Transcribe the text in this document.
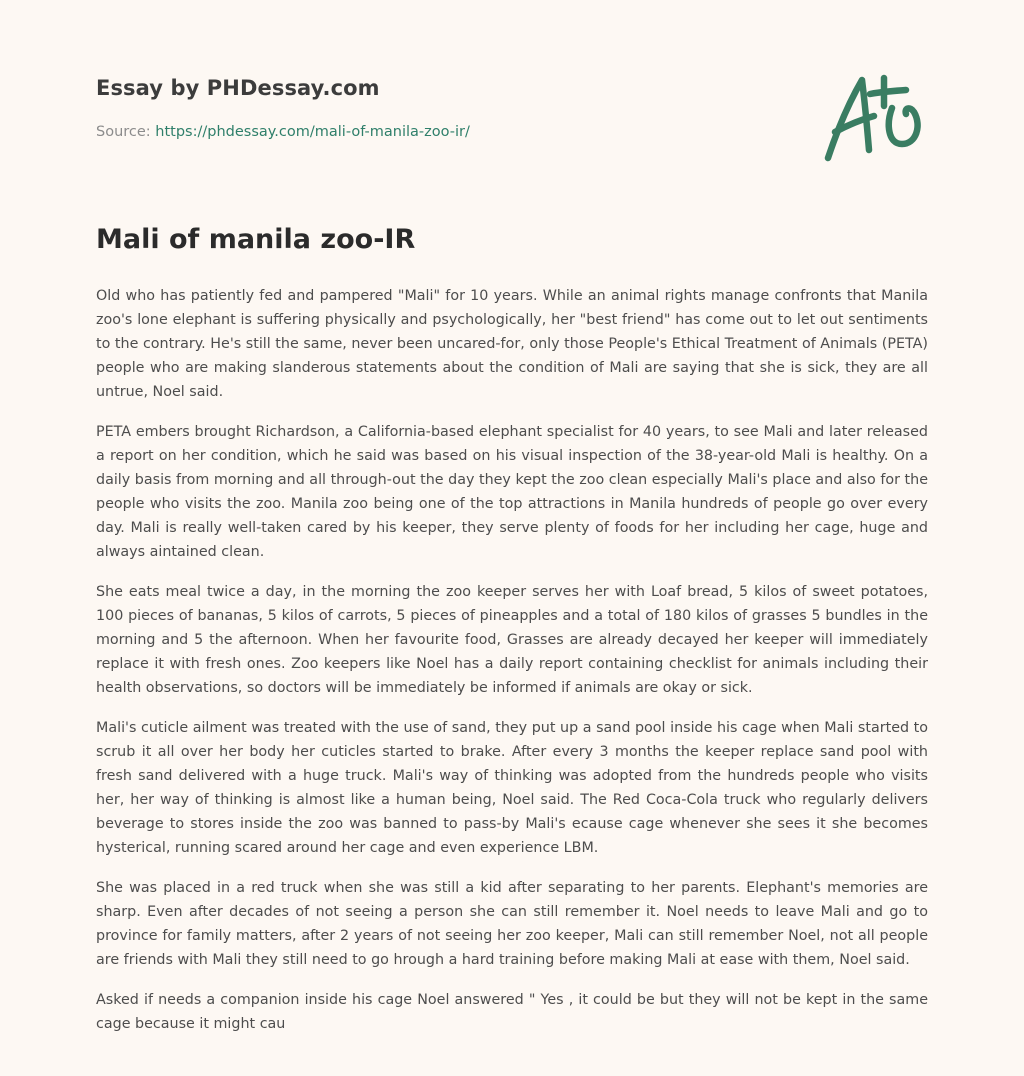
Essay by PHDessay.com
Source: https://phdessay.com/mali-of-manila-zoo-ir/
Mali of manila zoo-IR

Old who has patiently fed and pampered "Mali" for 10 years. While an animal rights manage confronts that Manila zoo's lone elephant is suffering physically and psychologically, her "best friend" has come out to let out sentiments to the contrary. He's still the same, never been uncared-for, only those People's Ethical Treatment of Animals (PETA) people who are making slanderous statements about the condition of Mali are saying that she is sick, they are all untrue, Noel said.

PETA embers brought Richardson, a California-based elephant specialist for 40 years, to see Mali and later released a report on her condition, which he said was based on his visual inspection of the 38-year-old Mali is healthy. On a daily basis from morning and all through-out the day they kept the zoo clean especially Mali's place and also for the people who visits the zoo. Manila zoo being one of the top attractions in Manila hundreds of people go over every day. Mali is really well-taken cared by his keeper, they serve plenty of foods for her including her cage, huge and always aintained clean.

She eats meal twice a day, in the morning the zoo keeper serves her with Loaf bread, 5 kilos of sweet potatoes, 100 pieces of bananas, 5 kilos of carrots, 5 pieces of pineapples and a total of 180 kilos of grasses 5 bundles in the morning and 5 the afternoon. When her favourite food, Grasses are already decayed her keeper will immediately replace it with fresh ones. Zoo keepers like Noel has a daily report containing checklist for animals including their health observations, so doctors will be immediately be informed if animals are okay or sick.

Mali's cuticle ailment was treated with the use of sand, they put up a sand pool inside his cage when Mali started to scrub it all over her body her cuticles started to brake. After every 3 months the keeper replace sand pool with fresh sand delivered with a huge truck. Mali's way of thinking was adopted from the hundreds people who visits her, her way of thinking is almost like a human being, Noel said. The Red Coca-Cola truck who regularly delivers beverage to stores inside the zoo was banned to pass-by Mali's ecause cage whenever she sees it she becomes hysterical, running scared around her cage and even experience LBM.

She was placed in a red truck when she was still a kid after separating to her parents. Elephant's memories are sharp. Even after decades of not seeing a person she can still remember it. Noel needs to leave Mali and go to province for family matters, after 2 years of not seeing her zoo keeper, Mali can still remember Noel, not all people are friends with Mali they still need to go hrough a hard training before making Mali at ease with them, Noel said.

Asked if needs a companion inside his cage Noel answered " Yes , it could be but they will not be kept in the same cage because it might cau
